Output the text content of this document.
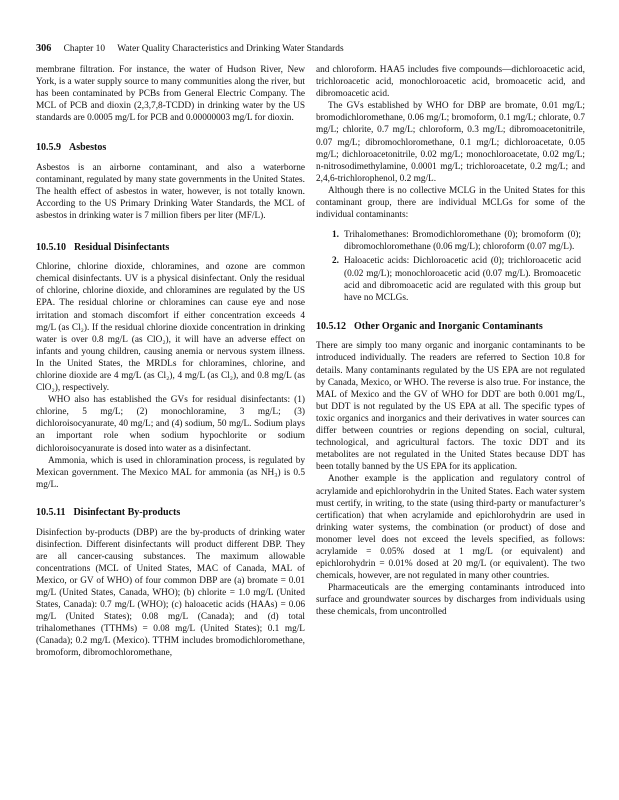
306 Chapter 10 Water Quality Characteristics and Drinking Water Standards

membrane filtration. For instance, the water of Hudson River, New York, is a water supply source to many communities along the river, but has been contaminated by PCBs from General Electric Company. The MCL of PCB and dioxin (2,3,7,8-TCDD) in drinking water by the US standards are 0.0005 mg/L for PCB and 0.00000003 mg/L for dioxin.

10.5.9 Asbestos

Asbestos is an airborne contaminant, and also a waterborne contaminant, regulated by many state governments in the United States. The health effect of asbestos in water, however, is not totally known. According to the US Primary Drinking Water Standards, the MCL of asbestos in drinking water is 7 million fibers per liter (MF/L).

10.5.10 Residual Disinfectants

Chlorine, chlorine dioxide, chloramines, and ozone are common chemical disinfectants. UV is a physical disinfectant. Only the residual of chlorine, chlorine dioxide, and chloramines are regulated by the US EPA. The residual chlorine or chloramines can cause eye and nose irritation and stomach discomfort if either concentration exceeds 4 mg/L (as Cl₂). If the residual chlorine dioxide concentration in drinking water is over 0.8 mg/L (as ClO₂), it will have an adverse effect on infants and young children, causing anemia or nervous system illness. In the United States, the MRDLs for chloramines, chlorine, and chlorine dioxide are 4 mg/L (as Cl₂), 4 mg/L (as Cl₂), and 0.8 mg/L (as ClO₂), respectively.

WHO also has established the GVs for residual disinfectants: (1) chlorine, 5 mg/L; (2) monochloramine, 3 mg/L; (3) dichloroisocyanurate, 40 mg/L; and (4) sodium, 50 mg/L. Sodium plays an important role when sodium hypochlorite or sodium dichloroisocyanurate is dosed into water as a disinfectant.

Ammonia, which is used in chloramination process, is regulated by Mexican government. The Mexico MAL for ammonia (as NH₃) is 0.5 mg/L.

10.5.11 Disinfectant By-products

Disinfection by-products (DBP) are the by-products of drinking water disinfection. Different disinfectants will product different DBP. They are all cancer-causing substances. The maximum allowable concentrations (MCL of United States, MAC of Canada, MAL of Mexico, or GV of WHO) of four common DBP are (a) bromate = 0.01 mg/L (United States, Canada, WHO); (b) chlorite = 1.0 mg/L (United States, Canada): 0.7 mg/L (WHO); (c) haloacetic acids (HAAs) = 0.06 mg/L (United States); 0.08 mg/L (Canada); and (d) total trihalomethanes (TTHMs) = 0.08 mg/L (United States); 0.1 mg/L (Canada); 0.2 mg/L (Mexico). TTHM includes bromodichloromethane, bromoform, dibromochloromethane,

and chloroform. HAA5 includes five compounds—dichloroacetic acid, trichloroacetic acid, monochloroacetic acid, bromoacetic acid, and dibromoacetic acid.

The GVs established by WHO for DBP are bromate, 0.01 mg/L; bromodichloromethane, 0.06 mg/L; bromoform, 0.1 mg/L; chlorate, 0.7 mg/L; chlorite, 0.7 mg/L; chloroform, 0.3 mg/L; dibromoacetonitrile, 0.07 mg/L; dibromochloromethane, 0.1 mg/L; dichloroacetate, 0.05 mg/L; dichloroacetonitrile, 0.02 mg/L; monochloroacetate, 0.02 mg/L; n-nitrosodimethylamine, 0.0001 mg/L; trichloroacetate, 0.2 mg/L; and 2,4,6-trichlorophenol, 0.2 mg/L.

Although there is no collective MCLG in the United States for this contaminant group, there are individual MCLGs for some of the individual contaminants:

1. Trihalomethanes: Bromodichloromethane (0); bromoform (0); dibromochloromethane (0.06 mg/L); chloroform (0.07 mg/L).
2. Haloacetic acids: Dichloroacetic acid (0); trichloroacetic acid (0.02 mg/L); monochloroacetic acid (0.07 mg/L). Bromoacetic acid and dibromoacetic acid are regulated with this group but have no MCLGs.
10.5.12 Other Organic and Inorganic Contaminants

There are simply too many organic and inorganic contaminants to be introduced individually. The readers are referred to Section 10.8 for details. Many contaminants regulated by the US EPA are not regulated by Canada, Mexico, or WHO. The reverse is also true. For instance, the MAL of Mexico and the GV of WHO for DDT are both 0.001 mg/L, but DDT is not regulated by the US EPA at all. The specific types of toxic organics and inorganics and their derivatives in water sources can differ between countries or regions depending on social, cultural, technological, and agricultural factors. The toxic DDT and its metabolites are not regulated in the United States because DDT has been totally banned by the US EPA for its application.

Another example is the application and regulatory control of acrylamide and epichlorohydrin in the United States. Each water system must certify, in writing, to the state (using third-party or manufacturer’s certification) that when acrylamide and epichlorohydrin are used in drinking water systems, the combination (or product) of dose and monomer level does not exceed the levels specified, as follows: acrylamide = 0.05% dosed at 1 mg/L (or equivalent) and epichlorohydrin = 0.01% dosed at 20 mg/L (or equivalent). The two chemicals, however, are not regulated in many other countries.

Pharmaceuticals are the emerging contaminants introduced into surface and groundwater sources by discharges from individuals using these chemicals, from uncontrolled
